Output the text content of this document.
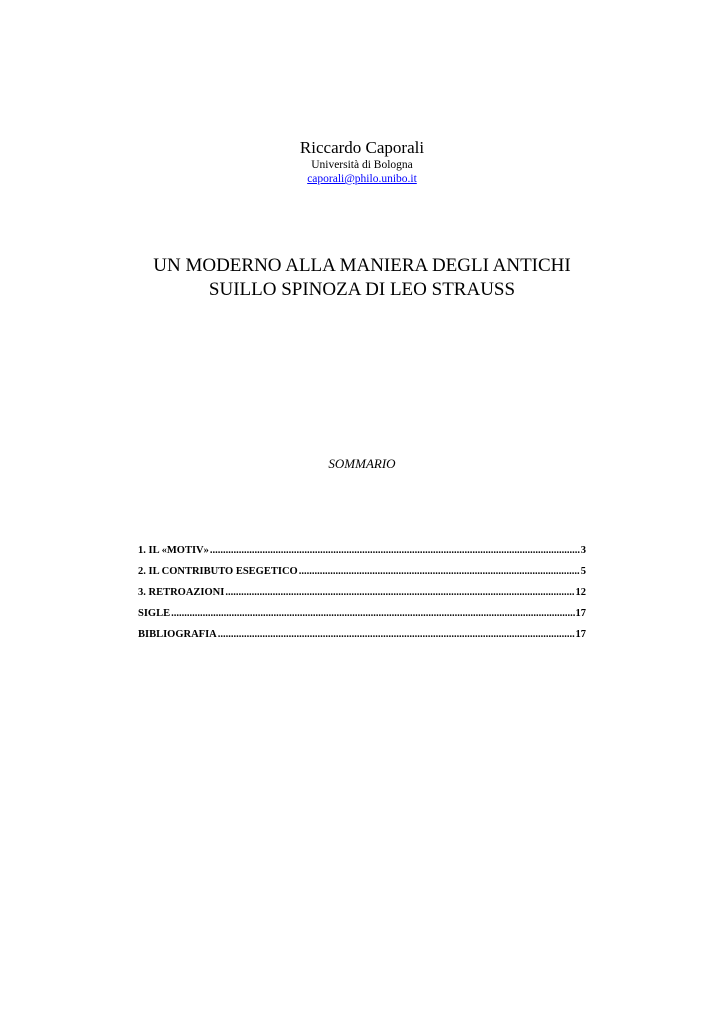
Riccardo Caporali
Università di Bologna
caporali@philo.unibo.it
UN MODERNO ALLA MANIERA DEGLI ANTICHI
SUILLO SPINOZA DI LEO STRAUSS
SOMMARIO
1. IL «MOTIV» .....	3
2. IL CONTRIBUTO ESEGETICO .....	5
3. RETROAZIONI .....	12
SIGLE .....	17
BIBLIOGRAFIA .....	17
